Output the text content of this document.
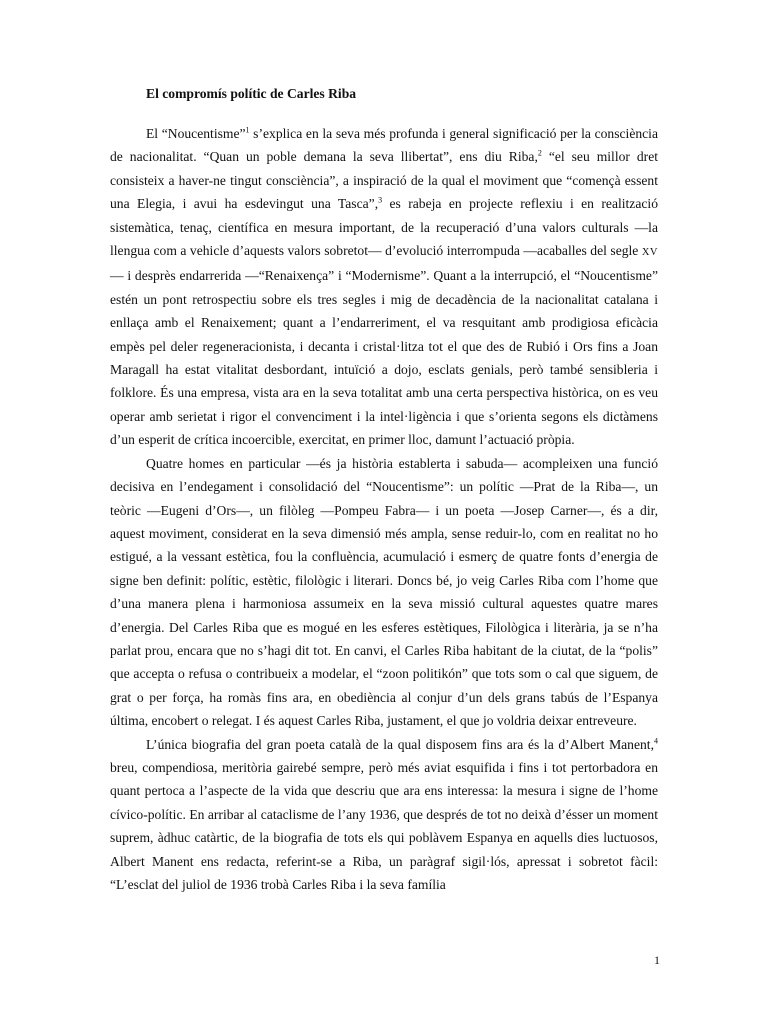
El compromís polític de Carles Riba

El “Noucentisme”$^1$ s’explica en la seva més profunda i general significació per la consciència de nacionalitat. “Quan un poble demana la seva llibertat”, ens diu Riba,$^2$ “el seu millor dret consisteix a haver-ne tingut consciència”, a inspiració de la qual el moviment que “començà essent una Elegia, i avui ha esdevingut una Tasca”,$^3$ es rabeja en projecte reflexiu i en realització sistemàtica, tenaç, científica en mesura important, de la recuperació d’una valors culturals —la llengua com a vehicle d’aquests valors sobretot— d’evolució interrompuda —acaballes del segle XV— i desprès endarrerida —“Renaixença” i “Modernisme”. Quant a la interrupció, el “Noucentisme” estén un pont retrospectiu sobre els tres segles i mig de decadència de la nacionalitat catalana i enllaça amb el Renaixement; quant a l’endarreriment, el va resquitant amb prodigiosa eficàcia empès pel deler regeneracionista, i decanta i cristal·litza tot el que des de Rubió i Ors fins a Joan Maragall ha estat vitalitat desbordant, intuïció a dojo, esclats genials, però també sensibleria i folklore. És una empresa, vista ara en la seva totalitat amb una certa perspectiva històrica, on es veu operar amb serietat i rigor el convenciment i la intel·ligència i que s’orienta segons els dictàmens d’un esperit de crítica incoercible, exercitat, en primer lloc, damunt l’actuació pròpia.

Quatre homes en particular —és ja història establerta i sabuda— acompleixen una funció decisiva en l’endegament i consolidació del “Noucentisme”: un polític —Prat de la Riba—, un teòric —Eugeni d’Ors—, un filòleg —Pompeu Fabra— i un poeta —Josep Carner—, és a dir, aquest moviment, considerat en la seva dimensió més ampla, sense reduir-lo, com en realitat no ho estigué, a la vessant estètica, fou la confluència, acumulació i esmerç de quatre fonts d’energia de signe ben definit: polític, estètic, filològic i literari. Doncs bé, jo veig Carles Riba com l’home que d’una manera plena i harmoniosa assumeix en la seva missió cultural aquestes quatre mares d’energia. Del Carles Riba que es mogué en les esferes estètiques, Filològica i literària, ja se n’ha parlat prou, encara que no s’hagi dit tot. En canvi, el Carles Riba habitant de la ciutat, de la “polis” que accepta o refusa o contribueix a modelar, el “zoon politikón” que tots som o cal que siguem, de grat o per força, ha romàs fins ara, en obediència al conjur d’un dels grans tabús de l’Espanya última, encobert o relegat. I és aquest Carles Riba, justament, el que jo voldria deixar entreveure.

L’única biografia del gran poeta català de la qual disposem fins ara és la d’Albert Manent,$^4$ breu, compendiosa, meritòria gairebé sempre, però més aviat esquifida i fins i tot pertorbadora en quant pertoca a l’aspecte de la vida que descriu que ara ens interessa: la mesura i signe de l’home cívico-polític. En arribar al cataclisme de l’any 1936, que després de tot no deixà d’ésser un moment suprem, àdhuc catàrtic, de la biografia de tots els qui poblàvem Espanya en aquells dies luctuosos, Albert Manent ens redacta, referint-se a Riba, un paràgraf sigil·lós, apressat i sobretot fàcil: “L’esclat del juliol de 1936 trobà Carles Riba i la seva família

1
